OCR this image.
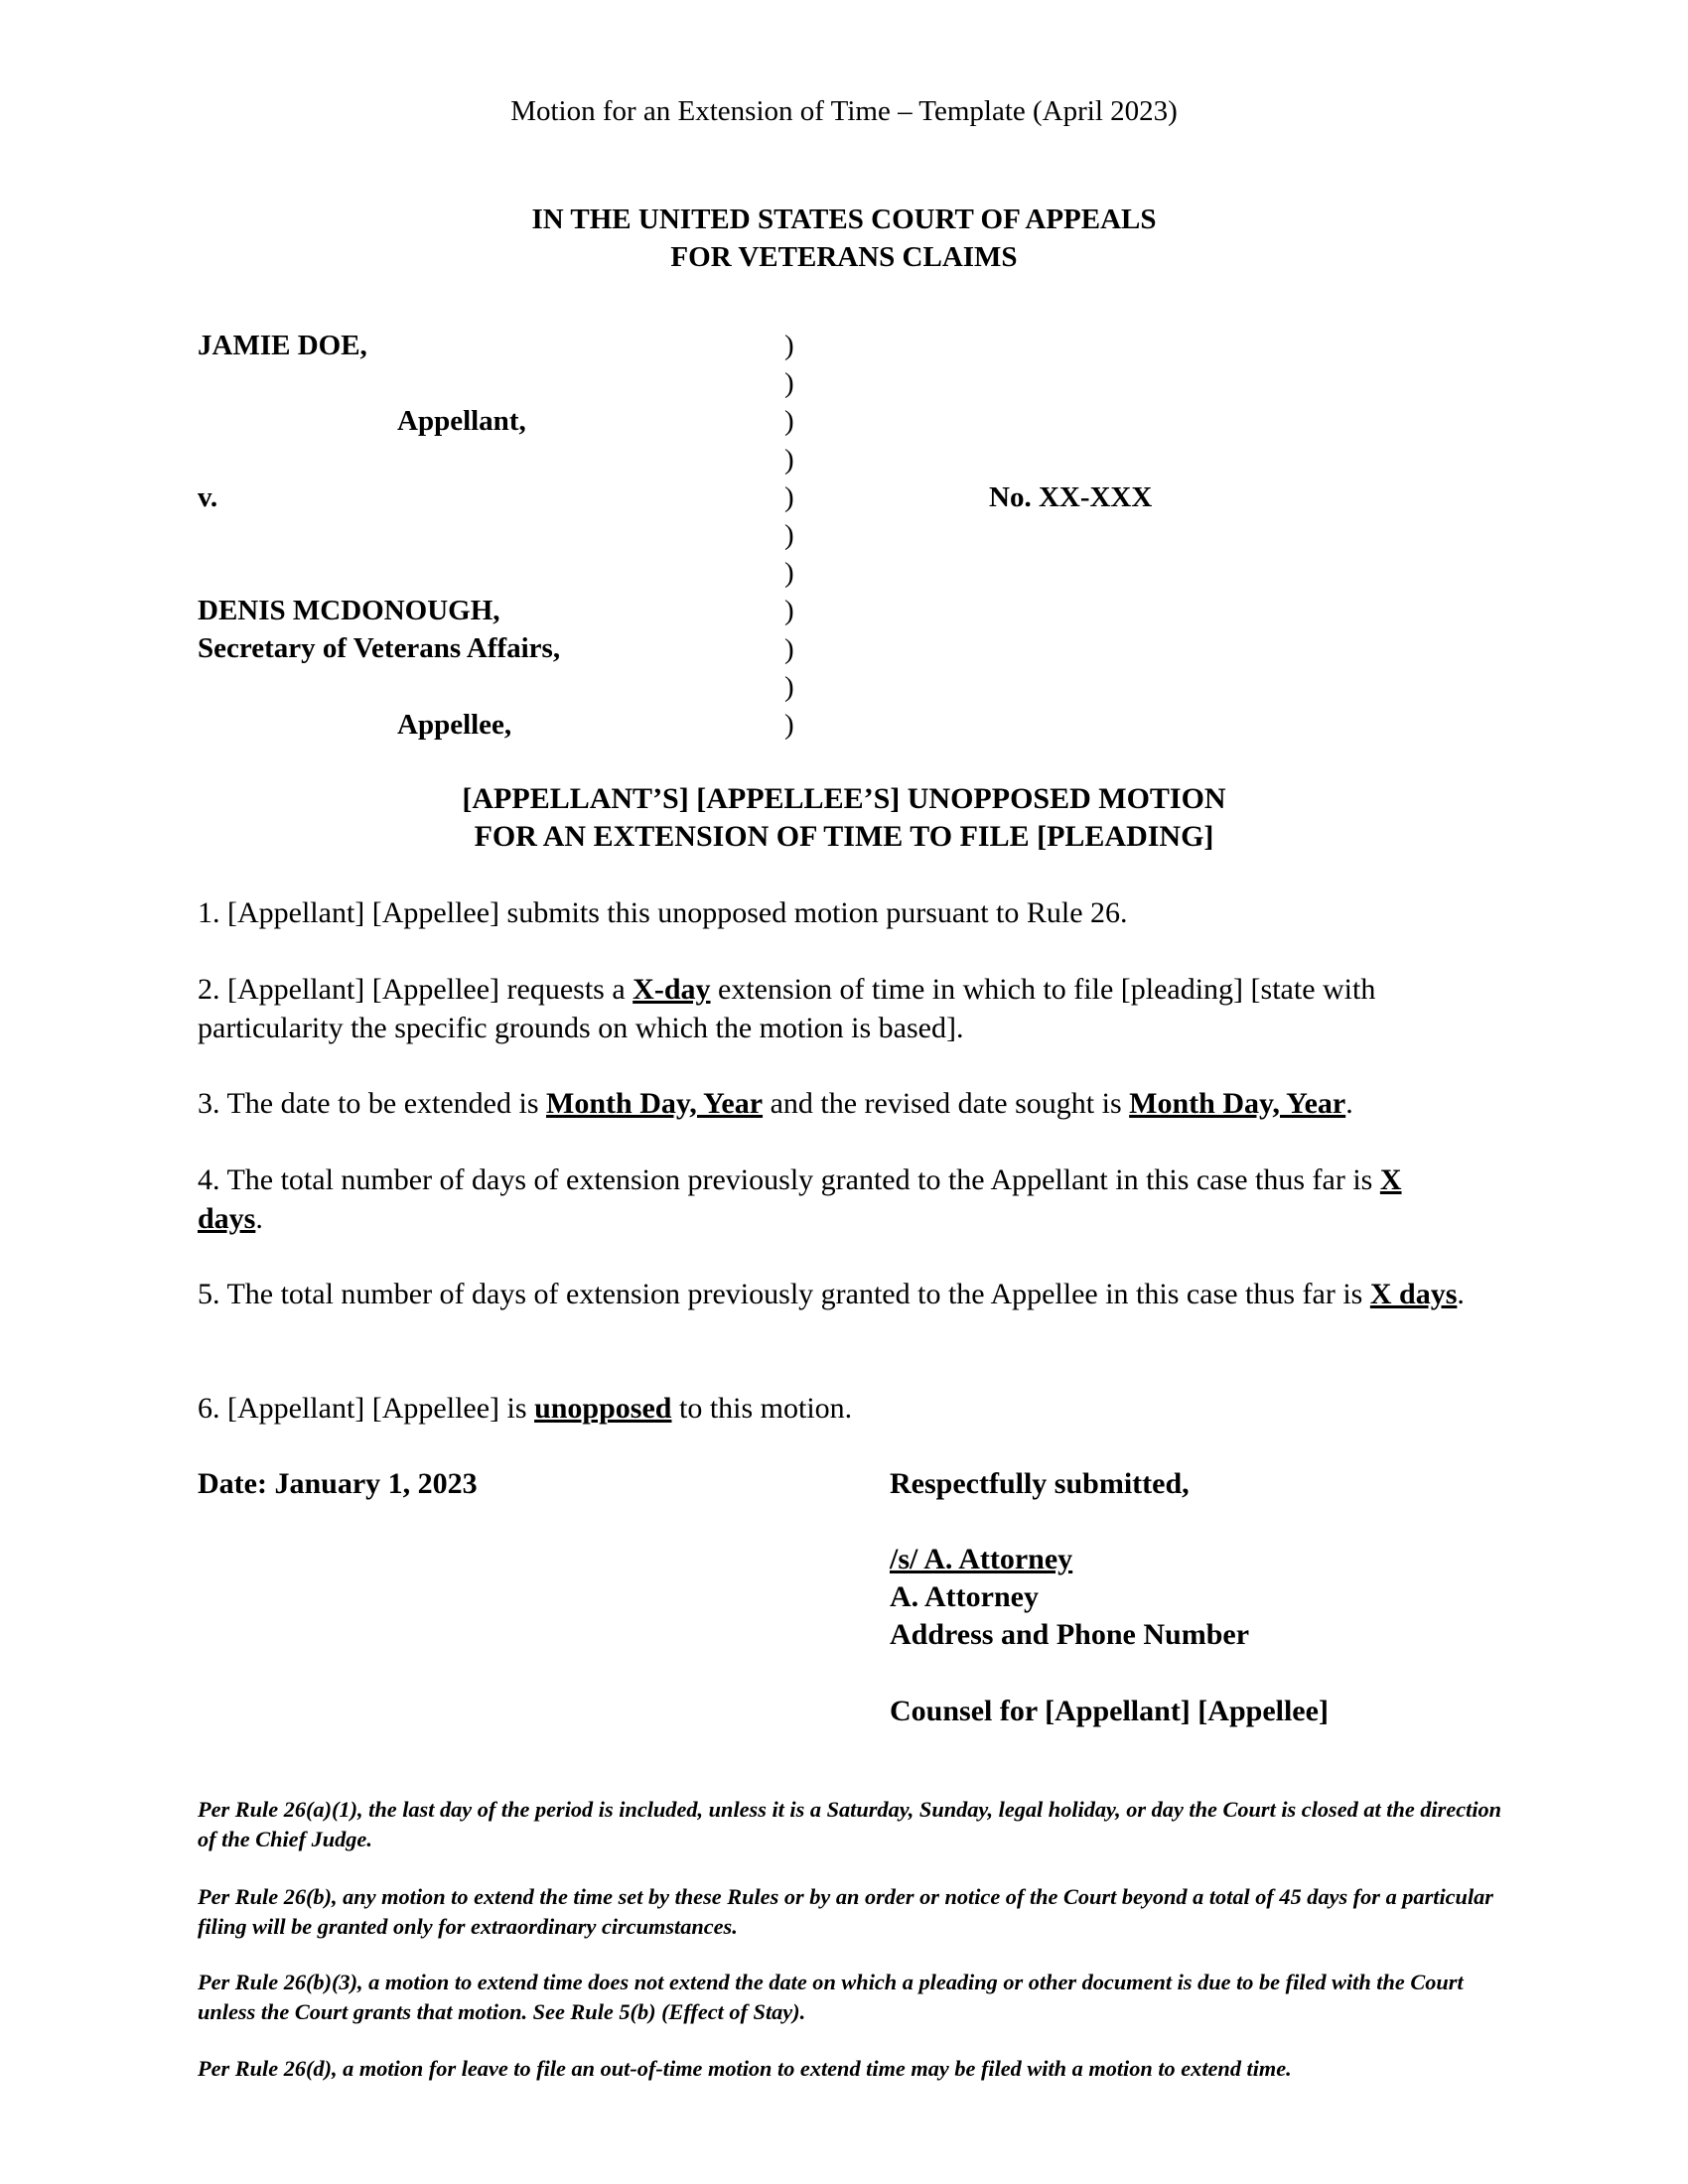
Motion for an Extension of Time – Template (April 2023)
IN THE UNITED STATES COURT OF APPEALS
FOR VETERANS CLAIMS
JAMIE DOE,
Appellant,
v.	No. XX-XXX
DENIS MCDONOUGH,
Secretary of Veterans Affairs,
Appellee,
)
)
)
)
)
)
)
)
)
)
)
[APPELLANT’S] [APPELLEE’S] UNOPPOSED MOTION
FOR AN EXTENSION OF TIME TO FILE [PLEADING]
1. [Appellant] [Appellee] submits this unopposed motion pursuant to Rule 26.
2. [Appellant] [Appellee] requests a X-day extension of time in which to file [pleading] [state with particularity the specific grounds on which the motion is based].
3. The date to be extended is Month Day, Year and the revised date sought is Month Day, Year.
4. The total number of days of extension previously granted to the Appellant in this case thus far is X days.
5. The total number of days of extension previously granted to the Appellee in this case thus far is X days.
6. [Appellant] [Appellee] is unopposed to this motion.
Date: January 1, 2023	Respectfully submitted,
/s/ A. Attorney
A. Attorney
Address and Phone Number
Counsel for [Appellant] [Appellee]
Per Rule 26(a)(1), the last day of the period is included, unless it is a Saturday, Sunday, legal holiday, or day the Court is closed at the direction of the Chief Judge.
Per Rule 26(b), any motion to extend the time set by these Rules or by an order or notice of the Court beyond a total of 45 days for a particular filing will be granted only for extraordinary circumstances.
Per Rule 26(b)(3), a motion to extend time does not extend the date on which a pleading or other document is due to be filed with the Court unless the Court grants that motion. See Rule 5(b) (Effect of Stay).
Per Rule 26(d), a motion for leave to file an out-of-time motion to extend time may be filed with a motion to extend time.
